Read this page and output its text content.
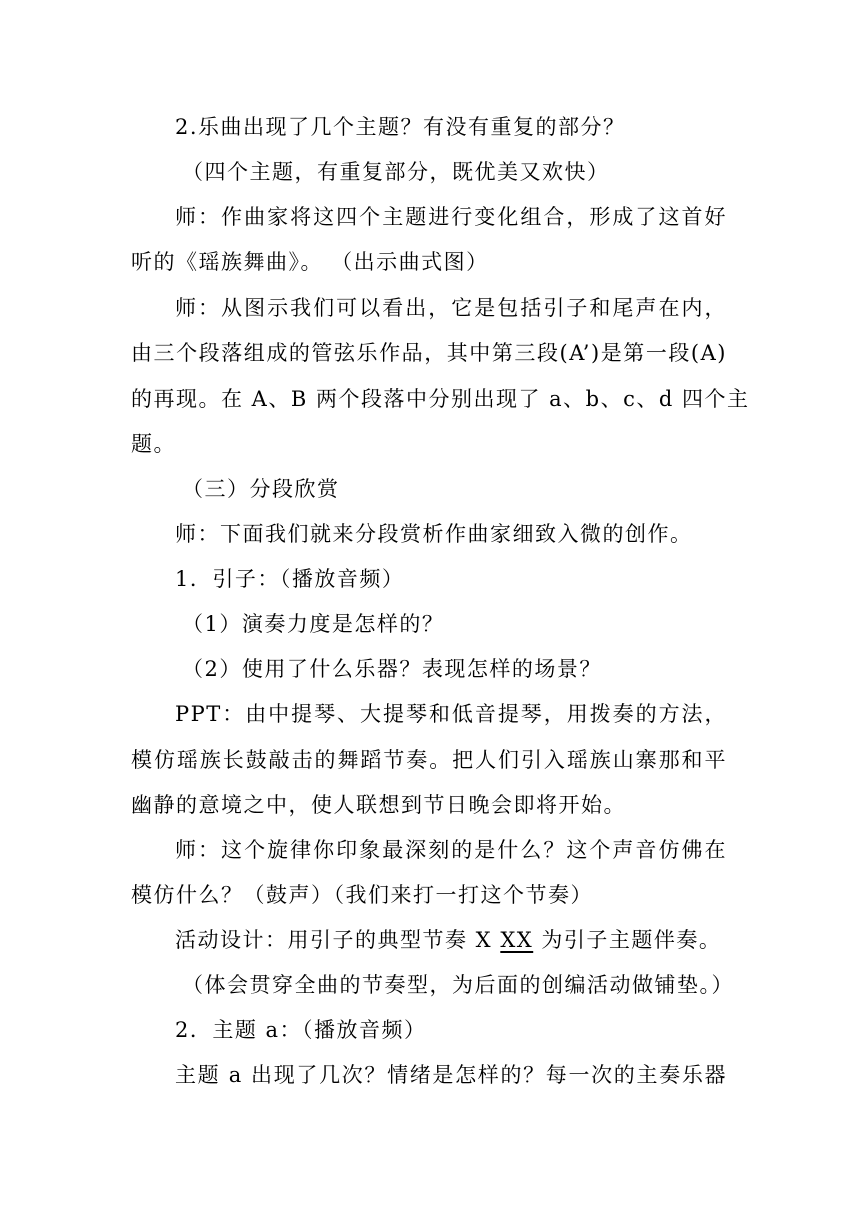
2.乐曲出现了几个主题？有没有重复的部分？
（四个主题，有重复部分，既优美又欢快）
师：作曲家将这四个主题进行变化组合，形成了这首好
听的《瑶族舞曲》。 （出示曲式图）
师：从图示我们可以看出，它是包括引子和尾声在内，
由三个段落组成的管弦乐作品，其中第三段(A’)是第一段(A)
的再现。在 A、B 两个段落中分别出现了 a、b、c、d 四个主
题。
（三）分段欣赏
师：下面我们就来分段赏析作曲家细致入微的创作。
1．引子：（播放音频）
（1）演奏力度是怎样的？
（2）使用了什么乐器？表现怎样的场景？
PPT：由中提琴、大提琴和低音提琴，用拨奏的方法，
模仿瑶族长鼓敲击的舞蹈节奏。把人们引入瑶族山寨那和平
幽静的意境之中，使人联想到节日晚会即将开始。
师：这个旋律你印象最深刻的是什么？这个声音仿佛在
模仿什么？（鼓声）（我们来打一打这个节奏）
活动设计：用引子的典型节奏 X XX 为引子主题伴奏。
（体会贯穿全曲的节奏型，为后面的创编活动做铺垫。）
2．主题 a：（播放音频）
主题 a 出现了几次？情绪是怎样的？每一次的主奏乐器
